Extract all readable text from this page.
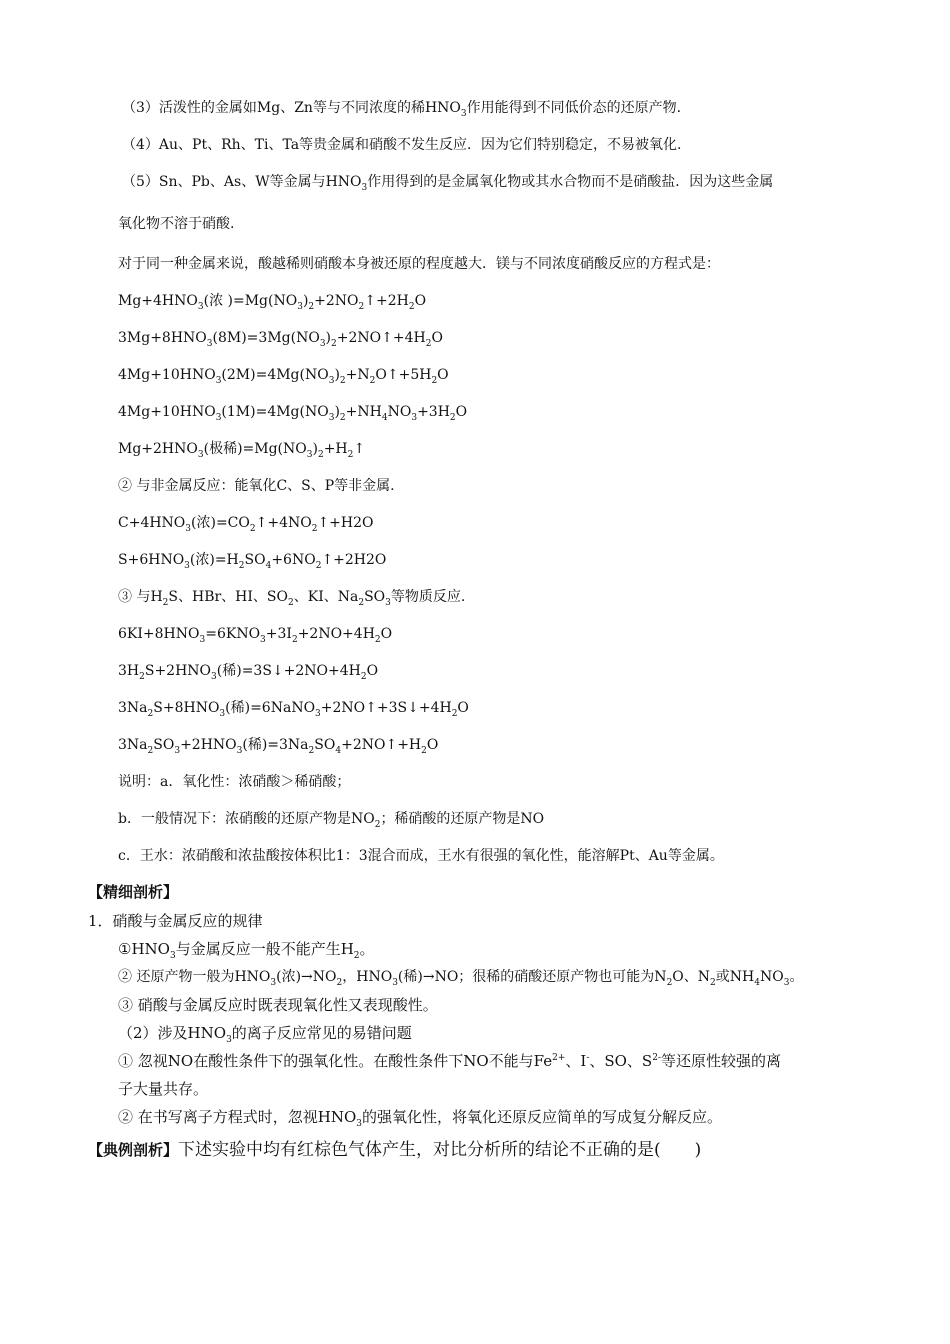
（3）活泼性的金属如Mg、Zn等与不同浓度的稀$HNO_3$作用能得到不同低价态的还原产物.
（4）Au、Pt、Rh、Ti、Ta等贵金属和硝酸不发生反应．因为它们特别稳定，不易被氧化.
（5）Sn、Pb、As、W等金属与$HNO_3$作用得到的是金属氧化物或其水合物而不是硝酸盐．因为这些金属
氧化物不溶于硝酸.
对于同一种金属来说，酸越稀则硝酸本身被还原的程度越大．镁与不同浓度硝酸反应的方程式是：
$Mg+4HNO_3$(浓 )$=Mg(NO_3)_2+2NO_2↑+2H_2O$
$3Mg+8HNO_3(8M)=3Mg(NO_3)_2+2NO↑+4H_2O$
$4Mg+10HNO_3(2M)=4Mg(NO_3)_2+N_2O↑+5H_2O$
$4Mg+10HNO_3(1M)=4Mg(NO_3)_2+NH_4NO_3+3H_2O$
$Mg+2HNO_3$(极稀)$=Mg(NO_3)_2+H_2↑$
② 与非金属反应：能氧化C、S、P等非金属.
$C+4HNO_3$(浓)$=CO_2↑+4NO_2↑+H2O$
$S+6HNO_3$(浓)$=H_2SO_4+6NO_2↑+2H2O$
③ 与$H_2S$、HBr、HI、$SO_2$、KI、$Na_2SO_3$等物质反应.
$6KI+8HNO_3=6KNO_3+3I_2+2NO+4H_2O$
$3H_2S+2HNO_3$(稀)$=3S↓+2NO+4H_2O$
$3Na_2S+8HNO_3$(稀)$=6NaNO_3+2NO↑+3S↓+4H_2O$
$3Na_2SO_3+2HNO_3$(稀)$=3Na_2SO_4+2NO↑+H_2O$
说明：a．氧化性：浓硝酸＞稀硝酸；
b．一般情况下：浓硝酸的还原产物是$NO_2$；稀硝酸的还原产物是NO
c．王水：浓硝酸和浓盐酸按体积比1：3混合而成，王水有很强的氧化性，能溶解Pt、Au等金属。
【精细剖析】
1．硝酸与金属反应的规律
$①HNO_3$与金属反应一般不能产生$H_2$。
② 还原产物一般为$HNO_3$(浓)$\to NO_2$，$HNO_3$(稀)→NO；很稀的硝酸还原产物也可能为$N_2O$、$N_2$或$NH_4NO_3$。
③ 硝酸与金属反应时既表现氧化性又表现酸性。
（2）涉及$HNO_3$的离子反应常见的易错问题
① 忽视NO在酸性条件下的强氧化性。在酸性条件下NO不能与$Fe^{2+}$、I-、SO、$S^{2-}$等还原性较强的离
子大量共存。
② 在书写离子方程式时，忽视$HNO_3$的强氧化性，将氧化还原反应简单的写成复分解反应。
【典例剖析】下述实验中均有红棕色气体产生，对比分析所的结论不正确的是(　　)
